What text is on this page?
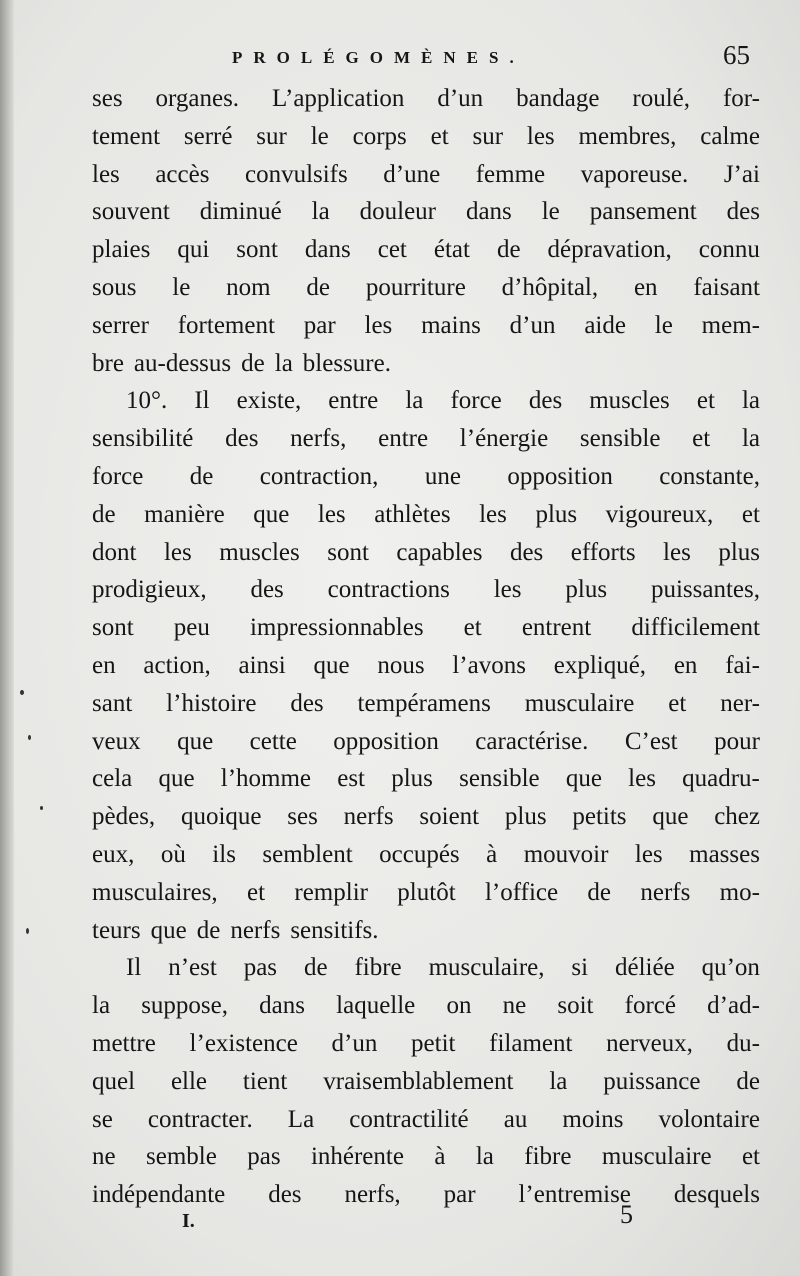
PROLÉGOMÈNES.	65
ses organes. L’application d’un bandage roulé, for-
tement serré sur le corps et sur les membres, calme
les accès convulsifs d’une femme vaporeuse. J’ai
souvent diminué la douleur dans le pansement des
plaies qui sont dans cet état de dépravation, connu
sous le nom de pourriture d’hôpital, en faisant
serrer fortement par les mains d’un aide le mem-
bre au-dessus de la blessure.
10°. Il existe, entre la force des muscles et la
sensibilité des nerfs, entre l’énergie sensible et la
force de contraction, une opposition constante,
de manière que les athlètes les plus vigoureux, et
dont les muscles sont capables des efforts les plus
prodigieux, des contractions les plus puissantes,
sont peu impressionnables et entrent difficilement
en action, ainsi que nous l’avons expliqué, en fai-
sant l’histoire des tempéramens musculaire et ner-
veux que cette opposition caractérise. C’est pour
cela que l’homme est plus sensible que les quadru-
pèdes, quoique ses nerfs soient plus petits que chez
eux, où ils semblent occupés à mouvoir les masses
musculaires, et remplir plutôt l’office de nerfs mo-
teurs que de nerfs sensitifs.
Il n’est pas de fibre musculaire, si déliée qu’on
la suppose, dans laquelle on ne soit forcé d’ad-
mettre l’existence d’un petit filament nerveux, du-
quel elle tient vraisemblablement la puissance de
se contracter. La contractilité au moins volontaire
ne semble pas inhérente à la fibre musculaire et
indépendante des nerfs, par l’entremise desquels
I.	5
